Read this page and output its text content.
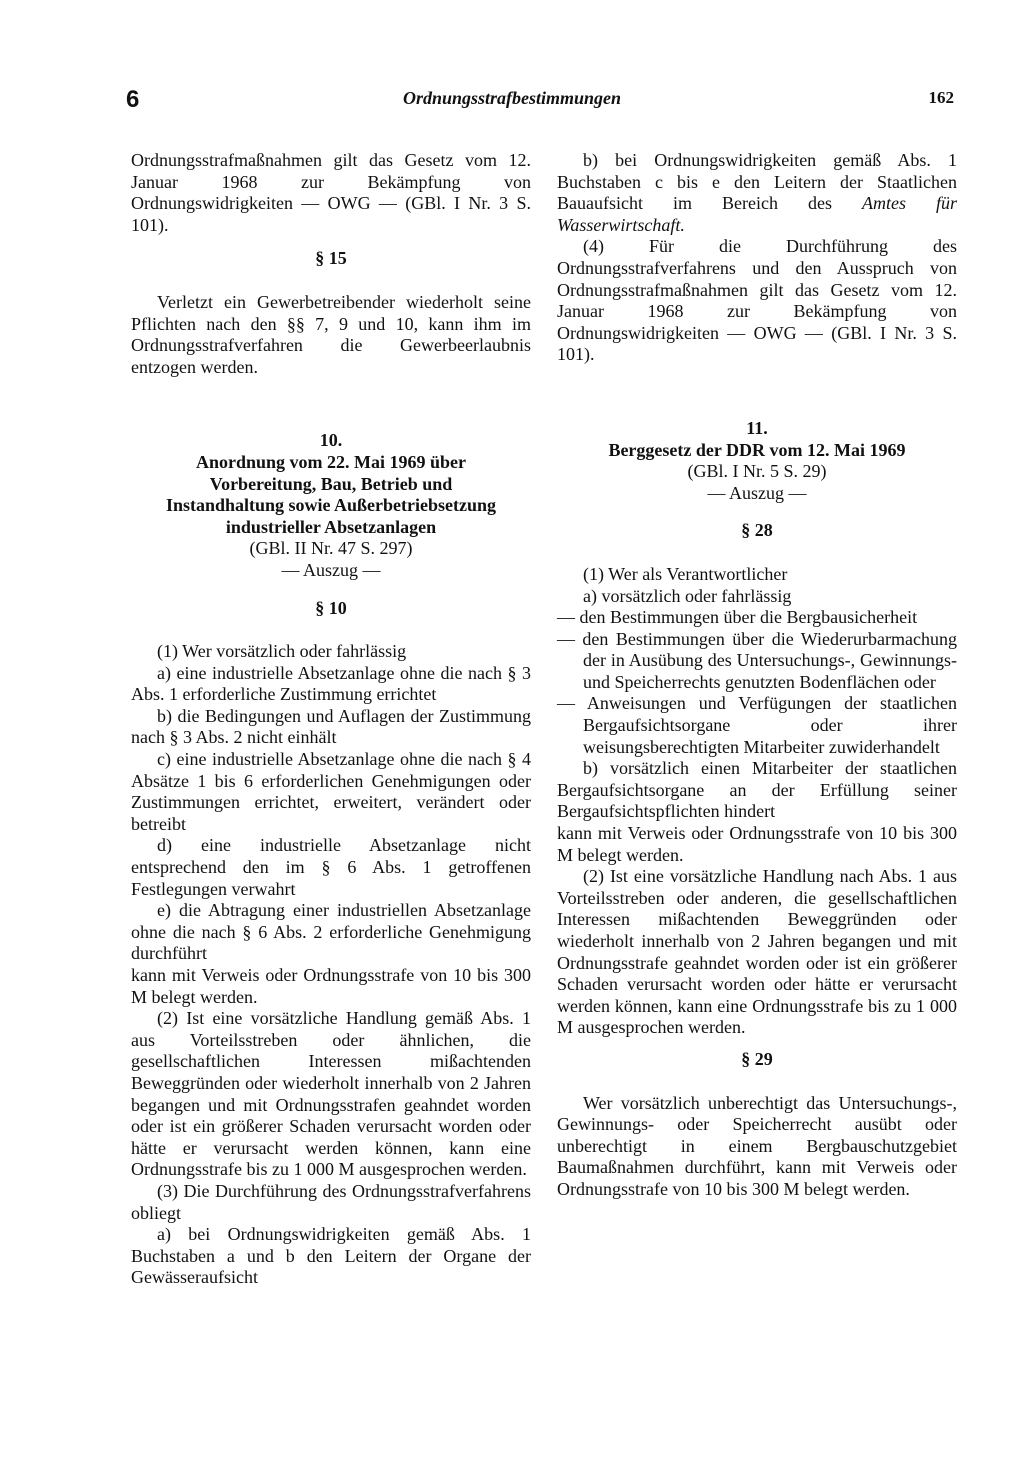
6	Ordnungsstrafbestimmungen	162

Ordnungsstrafmaßnahmen gilt das Gesetz vom 12. Januar 1968 zur Bekämpfung von Ordnungswidrigkeiten — OWG — (GBl. I Nr. 3 S. 101).

§ 15

Verletzt ein Gewerbetreibender wiederholt seine Pflichten nach den §§ 7, 9 und 10, kann ihm im Ordnungsstrafverfahren die Gewerbeerlaubnis entzogen werden.

10.
Anordnung vom 22. Mai 1969 über Vorbereitung, Bau, Betrieb und Instandhaltung sowie Außerbetriebsetzung industrieller Absetzanlagen
(GBl. II Nr. 47 S. 297)
— Auszug —
§ 10

(1) Wer vorsätzlich oder fahrlässig

a) eine industrielle Absetzanlage ohne die nach § 3 Abs. 1 erforderliche Zustimmung errichtet

b) die Bedingungen und Auflagen der Zustimmung nach § 3 Abs. 2 nicht einhält

c) eine industrielle Absetzanlage ohne die nach § 4 Absätze 1 bis 6 erforderlichen Genehmigungen oder Zustimmungen errichtet, erweitert, verändert oder betreibt

d) eine industrielle Absetzanlage nicht entsprechend den im § 6 Abs. 1 getroffenen Festlegungen verwahrt

e) die Abtragung einer industriellen Absetzanlage ohne die nach § 6 Abs. 2 erforderliche Genehmigung durchführt

kann mit Verweis oder Ordnungsstrafe von 10 bis 300 M belegt werden.

(2) Ist eine vorsätzliche Handlung gemäß Abs. 1 aus Vorteilsstreben oder ähnlichen, die gesellschaftlichen Interessen mißachtenden Beweggründen oder wiederholt innerhalb von 2 Jahren begangen und mit Ordnungsstrafen geahndet worden oder ist ein größerer Schaden verursacht worden oder hätte er verursacht werden können, kann eine Ordnungsstrafe bis zu 1 000 M ausgesprochen werden.

(3) Die Durchführung des Ordnungsstrafverfahrens obliegt

a) bei Ordnungswidrigkeiten gemäß Abs. 1 Buchstaben a und b den Leitern der Organe der Gewässeraufsicht

b) bei Ordnungswidrigkeiten gemäß Abs. 1 Buchstaben c bis e den Leitern der Staatlichen Bauaufsicht im Bereich des Amtes für Wasserwirtschaft.

(4) Für die Durchführung des Ordnungsstrafverfahrens und den Ausspruch von Ordnungsstrafmaßnahmen gilt das Gesetz vom 12. Januar 1968 zur Bekämpfung von Ordnungswidrigkeiten — OWG — (GBl. I Nr. 3 S. 101).

11.
Berggesetz der DDR vom 12. Mai 1969
(GBl. I Nr. 5 S. 29)
— Auszug —
§ 28

(1) Wer als Verantwortlicher

a) vorsätzlich oder fahrlässig

— den Bestimmungen über die Bergbausicherheit

— den Bestimmungen über die Wiederurbarmachung der in Ausübung des Untersuchungs-, Gewinnungs- und Speicherrechts genutzten Bodenflächen oder

— Anweisungen und Verfügungen der staatlichen Bergaufsichtsorgane oder ihrer weisungsberechtigten Mitarbeiter zuwiderhandelt

b) vorsätzlich einen Mitarbeiter der staatlichen Bergaufsichtsorgane an der Erfüllung seiner Bergaufsichtspflichten hindert

kann mit Verweis oder Ordnungsstrafe von 10 bis 300 M belegt werden.

(2) Ist eine vorsätzliche Handlung nach Abs. 1 aus Vorteilsstreben oder anderen, die gesellschaftlichen Interessen mißachtenden Beweggründen oder wiederholt innerhalb von 2 Jahren begangen und mit Ordnungsstrafe geahndet worden oder ist ein größerer Schaden verursacht worden oder hätte er verursacht werden können, kann eine Ordnungsstrafe bis zu 1 000 M ausgesprochen werden.

§ 29

Wer vorsätzlich unberechtigt das Untersuchungs-, Gewinnungs- oder Speicherrecht ausübt oder unberechtigt in einem Bergbauschutzgebiet Baumaßnahmen durchführt, kann mit Verweis oder Ordnungsstrafe von 10 bis 300 M belegt werden.
